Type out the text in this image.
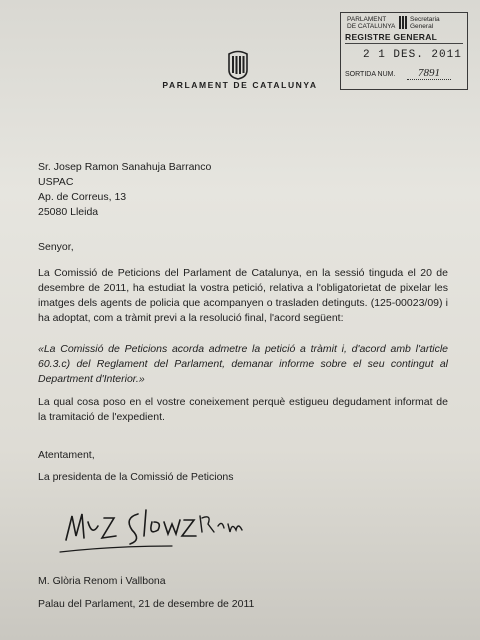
PARLAMENT
DE CATALUNYA
Secretaria
General
REGISTRE GENERAL
2 1 DES. 2011
SORTIDA NUM.	7891
PARLAMENT DE CATALUNYA
Sr. Josep Ramon Sanahuja Barranco
USPAC
Ap. de Correus, 13
25080 Lleida
Senyor,
La Comissió de Peticions del Parlament de Catalunya, en la sessió tinguda el 20 de desembre de 2011, ha estudiat la vostra petició, relativa a l'obligatorietat de pixelar les imatges dels agents de policia que acompanyen o trasladen detinguts. (125-00023/09) i ha adoptat, com a tràmit previ a la resolució final, l'acord següent:
«La Comissió de Peticions acorda admetre la petició a tràmit i, d'acord amb l'article 60.3.c) del Reglament del Parlament, demanar informe sobre el seu contingut al Department d'Interior.»
La qual cosa poso en el vostre coneixement perquè estigueu degudament informat de la tramitació de l'expedient.
Atentament,
La presidenta de la Comissió de Peticions
M. Glòria Renom i Vallbona
Palau del Parlament, 21 de desembre de 2011
